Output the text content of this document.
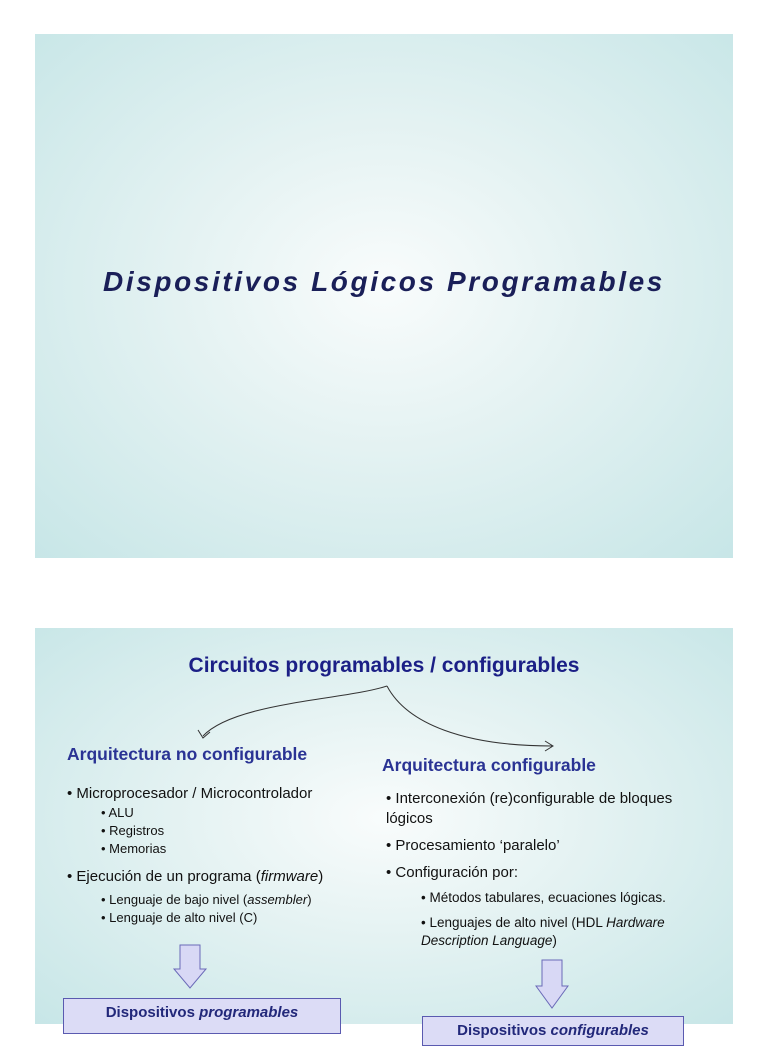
Dispositivos Lógicos Programables
Circuitos programables / configurables
Arquitectura no configurable
• Microprocesador / Microcontrolador
• ALU
• Registros
• Memorias
• Ejecución de un programa (firmware)
• Lenguaje de bajo nivel (assembler)
• Lenguaje de alto nivel (C)
Dispositivos programables
Arquitectura configurable
• Interconexión (re)configurable de bloques lógicos
• Procesamiento ‘paralelo’
• Configuración por:
• Métodos tabulares, ecuaciones lógicas.
• Lenguajes de alto nivel (HDL Hardware Description Language)
Dispositivos configurables
